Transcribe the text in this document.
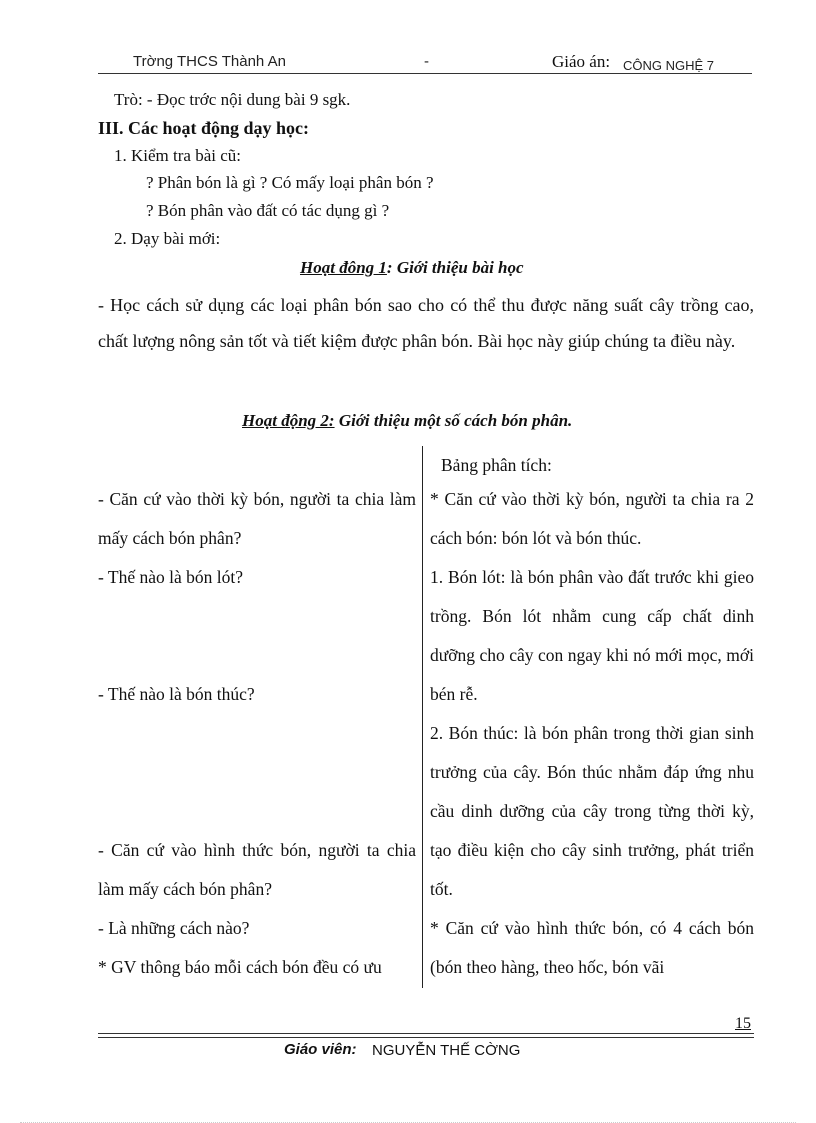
Trờng THCS Thành An	-	Giáo án: CÔNG NGHỆ 7
Trò: - Đọc trớc nội dung bài 9 sgk.
III. Các hoạt động dạy học:
1. Kiểm tra bài cũ:
? Phân bón là gì ? Có mấy loại phân bón ?
? Bón phân vào đất có tác dụng gì ?
2. Dạy bài mới:
Hoạt đông 1: Giới thiệu bài học
- Học cách sử dụng các loại phân bón sao cho có thể thu được năng suất cây trồng cao, chất lượng nông sản tốt và tiết kiệm được phân bón. Bài học này giúp chúng ta điều này.
Hoạt động 2: Giới thiệu một số cách bón phân.
Bảng phân tích:
- Căn cứ vào thời kỳ bón, người ta chia làm mấy cách bón phân?
- Thế nào là bón lót?
- Thế nào là bón thúc?
- Căn cứ vào hình thức bón, người ta chia làm mấy cách bón phân?
- Là những cách nào?
* GV thông báo mỗi cách bón đều có ưu
* Căn cứ vào thời kỳ bón, người ta chia ra 2 cách bón: bón lót và bón thúc.
1. Bón lót: là bón phân vào đất trước khi gieo trồng. Bón lót nhằm cung cấp chất dinh dưỡng cho cây con ngay khi nó mới mọc, mới bén rễ.
2. Bón thúc: là bón phân trong thời gian sinh trưởng của cây. Bón thúc nhằm đáp ứng nhu cầu dinh dưỡng của cây trong từng thời kỳ, tạo điều kiện cho cây sinh trưởng, phát triển tốt.
* Căn cứ vào hình thức bón, có 4 cách bón (bón theo hàng, theo hốc, bón vãi
15
Giáo viên: NGUYỄN THẾ CỜNG
